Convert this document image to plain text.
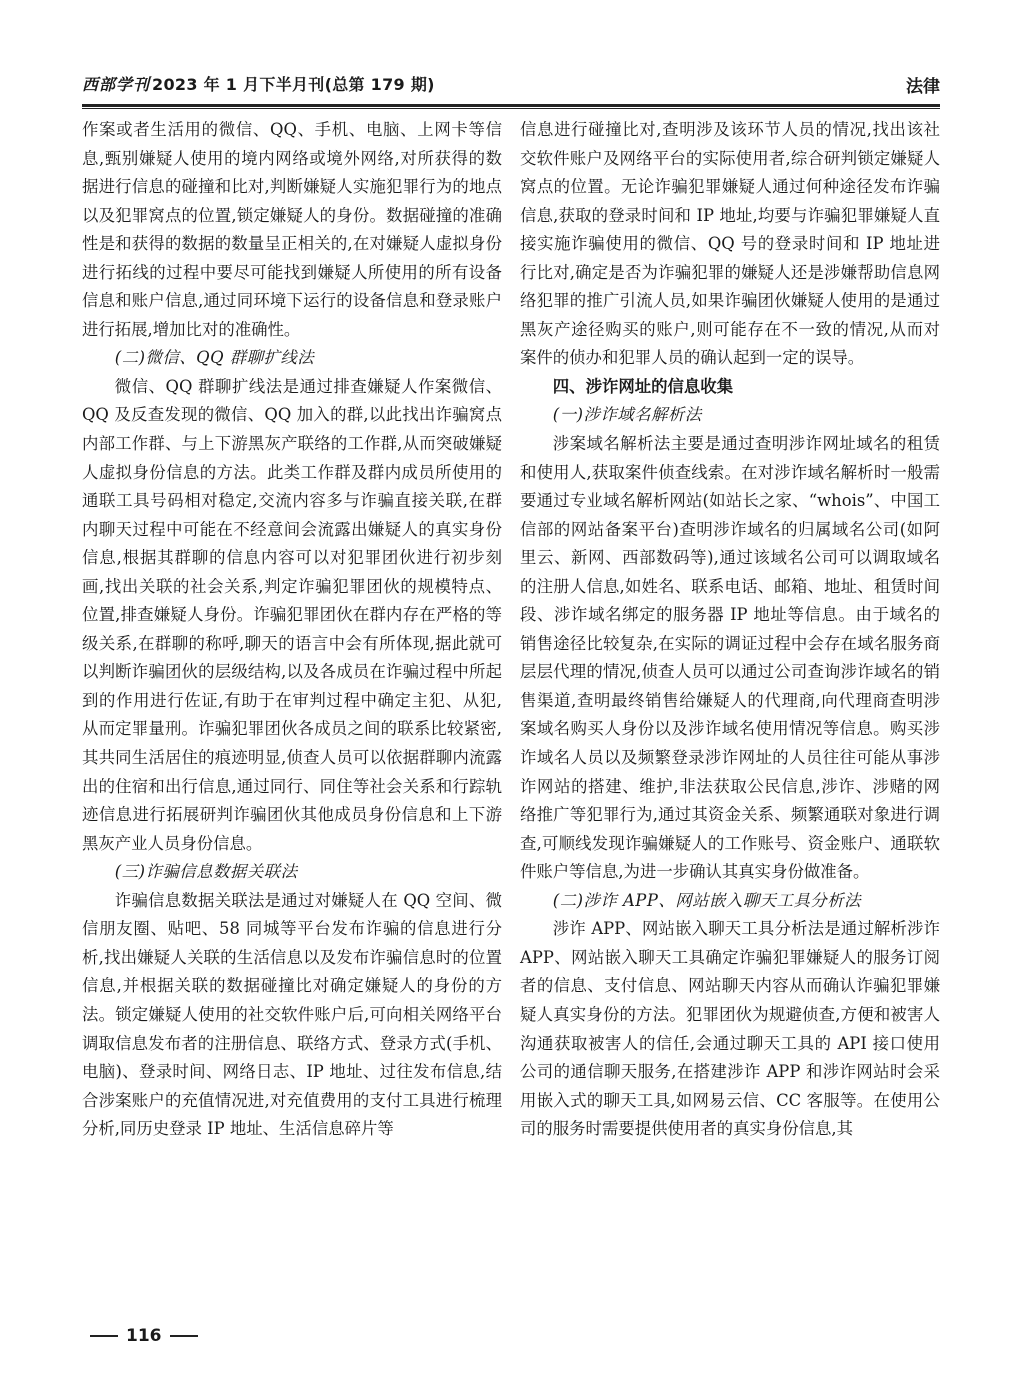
西部学刊 2023 年 1 月下半月刊(总第 179 期)	法律

作案或者生活用的微信、QQ、手机、电脑、上网卡等信息,甄别嫌疑人使用的境内网络或境外网络,对所获得的数据进行信息的碰撞和比对,判断嫌疑人实施犯罪行为的地点以及犯罪窝点的位置,锁定嫌疑人的身份。数据碰撞的准确性是和获得的数据的数量呈正相关的,在对嫌疑人虚拟身份进行拓线的过程中要尽可能找到嫌疑人所使用的所有设备信息和账户信息,通过同环境下运行的设备信息和登录账户进行拓展,增加比对的准确性。

(二)微信、QQ 群聊扩线法

微信、QQ 群聊扩线法是通过排查嫌疑人作案微信、QQ 及反查发现的微信、QQ 加入的群,以此找出诈骗窝点内部工作群、与上下游黑灰产联络的工作群,从而突破嫌疑人虚拟身份信息的方法。此类工作群及群内成员所使用的通联工具号码相对稳定,交流内容多与诈骗直接关联,在群内聊天过程中可能在不经意间会流露出嫌疑人的真实身份信息,根据其群聊的信息内容可以对犯罪团伙进行初步刻画,找出关联的社会关系,判定诈骗犯罪团伙的规模特点、位置,排查嫌疑人身份。诈骗犯罪团伙在群内存在严格的等级关系,在群聊的称呼,聊天的语言中会有所体现,据此就可以判断诈骗团伙的层级结构,以及各成员在诈骗过程中所起到的作用进行佐证,有助于在审判过程中确定主犯、从犯,从而定罪量刑。诈骗犯罪团伙各成员之间的联系比较紧密,其共同生活居住的痕迹明显,侦查人员可以依据群聊内流露出的住宿和出行信息,通过同行、同住等社会关系和行踪轨迹信息进行拓展研判诈骗团伙其他成员身份信息和上下游黑灰产业人员身份信息。

(三)诈骗信息数据关联法

诈骗信息数据关联法是通过对嫌疑人在 QQ 空间、微信朋友圈、贴吧、58 同城等平台发布诈骗的信息进行分析,找出嫌疑人关联的生活信息以及发布诈骗信息时的位置信息,并根据关联的数据碰撞比对确定嫌疑人的身份的方法。锁定嫌疑人使用的社交软件账户后,可向相关网络平台调取信息发布者的注册信息、联络方式、登录方式(手机、电脑)、登录时间、网络日志、IP 地址、过往发布信息,结合涉案账户的充值情况进,对充值费用的支付工具进行梳理分析,同历史登录 IP 地址、生活信息碎片等

信息进行碰撞比对,查明涉及该环节人员的情况,找出该社交软件账户及网络平台的实际使用者,综合研判锁定嫌疑人窝点的位置。无论诈骗犯罪嫌疑人通过何种途径发布诈骗信息,获取的登录时间和 IP 地址,均要与诈骗犯罪嫌疑人直接实施诈骗使用的微信、QQ 号的登录时间和 IP 地址进行比对,确定是否为诈骗犯罪的嫌疑人还是涉嫌帮助信息网络犯罪的推广引流人员,如果诈骗团伙嫌疑人使用的是通过黑灰产途径购买的账户,则可能存在不一致的情况,从而对案件的侦办和犯罪人员的确认起到一定的误导。

四、涉诈网址的信息收集

(一)涉诈域名解析法

涉案域名解析法主要是通过查明涉诈网址域名的租赁和使用人,获取案件侦查线索。在对涉诈域名解析时一般需要通过专业域名解析网站(如站长之家、“whois”、中国工信部的网站备案平台)查明涉诈域名的归属域名公司(如阿里云、新网、西部数码等),通过该域名公司可以调取域名的注册人信息,如姓名、联系电话、邮箱、地址、租赁时间段、涉诈域名绑定的服务器 IP 地址等信息。由于域名的销售途径比较复杂,在实际的调证过程中会存在域名服务商层层代理的情况,侦查人员可以通过公司查询涉诈域名的销售渠道,查明最终销售给嫌疑人的代理商,向代理商查明涉案域名购买人身份以及涉诈域名使用情况等信息。购买涉诈域名人员以及频繁登录涉诈网址的人员往往可能从事涉诈网站的搭建、维护,非法获取公民信息,涉诈、涉赌的网络推广等犯罪行为,通过其资金关系、频繁通联对象进行调查,可顺线发现诈骗嫌疑人的工作账号、资金账户、通联软件账户等信息,为进一步确认其真实身份做准备。

(二)涉诈 APP、网站嵌入聊天工具分析法

涉诈 APP、网站嵌入聊天工具分析法是通过解析涉诈 APP、网站嵌入聊天工具确定诈骗犯罪嫌疑人的服务订阅者的信息、支付信息、网站聊天内容从而确认诈骗犯罪嫌疑人真实身份的方法。犯罪团伙为规避侦查,方便和被害人沟通获取被害人的信任,会通过聊天工具的 API 接口使用公司的通信聊天服务,在搭建涉诈 APP 和涉诈网站时会采用嵌入式的聊天工具,如网易云信、CC 客服等。在使用公司的服务时需要提供使用者的真实身份信息,其

116
